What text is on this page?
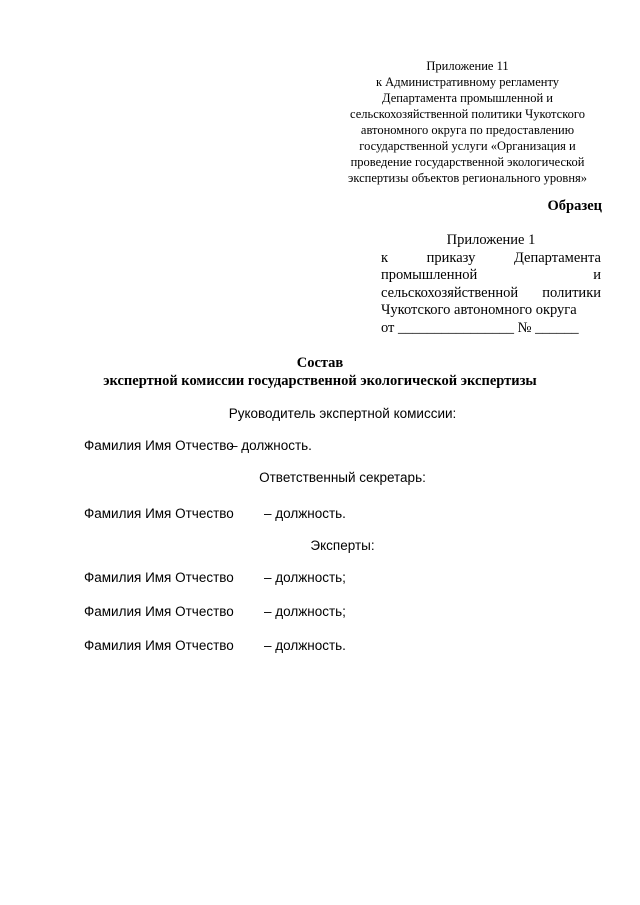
Приложение 11
к Административному регламенту
Департамента промышленной и
сельскохозяйственной политики Чукотского
автономного округа по предоставлению
государственной услуги «Организация и
проведение государственной экологической
экспертизы объектов регионального уровня»
Образец
Приложение 1
к	приказу	Департамента
промышленной	и
сельскохозяйственной политики
Чукотского автономного округа
от ________________ № ______
Состав
экспертной комиссии государственной экологической экспертизы
Руководитель экспертной комиссии:
Фамилия Имя Отчество– должность.
Ответственный секретарь:
Фамилия Имя Отчество – должность.
Эксперты:
Фамилия Имя Отчество – должность;
Фамилия Имя Отчество – должность;
Фамилия Имя Отчество – должность.
